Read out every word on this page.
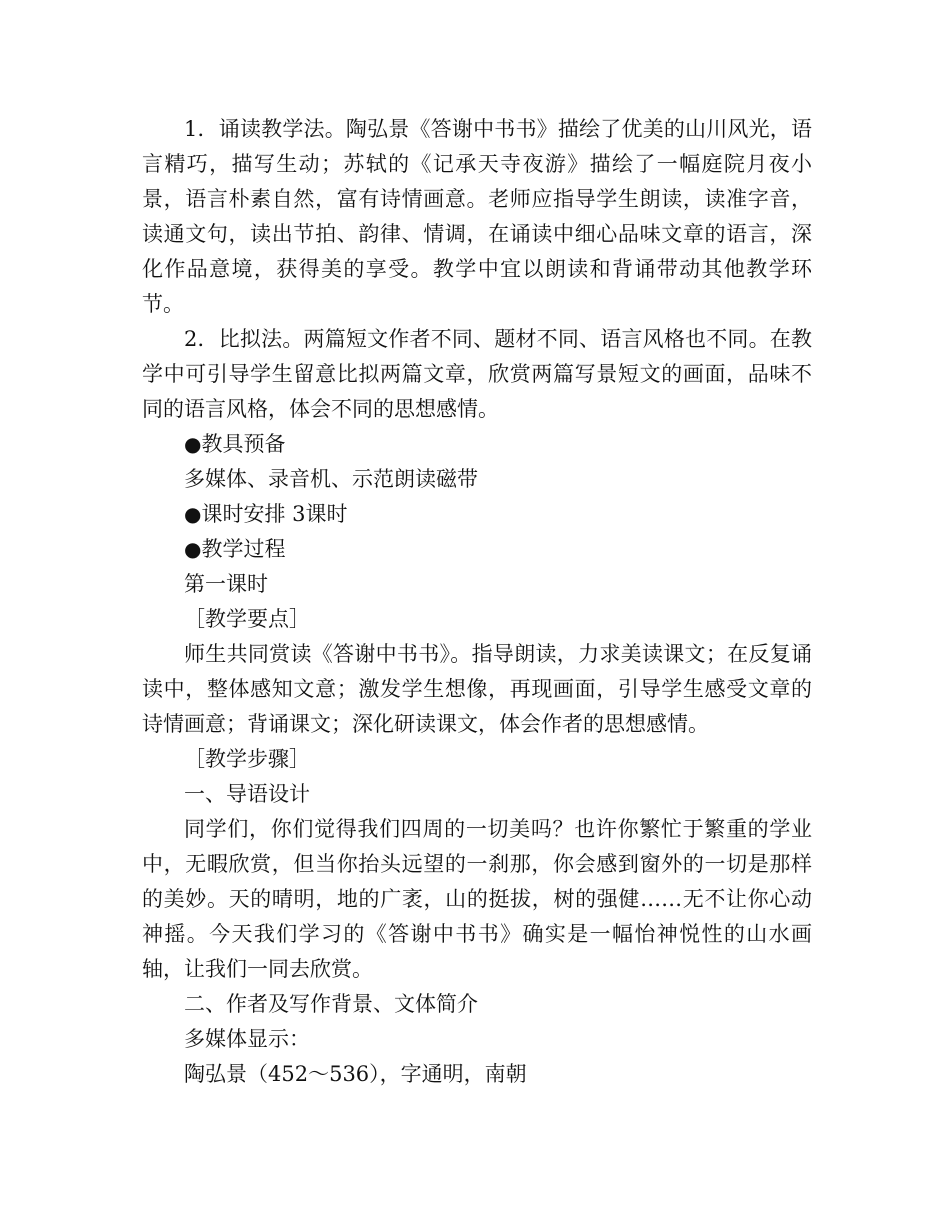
1．诵读教学法。陶弘景《答谢中书书》描绘了优美的山川风光，语言精巧，描写生动；苏轼的《记承天寺夜游》描绘了一幅庭院月夜小景，语言朴素自然，富有诗情画意。老师应指导学生朗读，读准字音，读通文句，读出节拍、韵律、情调，在诵读中细心品味文章的语言，深化作品意境，获得美的享受。教学中宜以朗读和背诵带动其他教学环节。

2．比拟法。两篇短文作者不同、题材不同、语言风格也不同。在教学中可引导学生留意比拟两篇文章，欣赏两篇写景短文的画面，品味不同的语言风格，体会不同的思想感情。

●教具预备

多媒体、录音机、示范朗读磁带

●课时安排 3课时

●教学过程

第一课时

［教学要点］

师生共同赏读《答谢中书书》。指导朗读，力求美读课文；在反复诵读中，整体感知文意；激发学生想像，再现画面，引导学生感受文章的诗情画意；背诵课文；深化研读课文，体会作者的思想感情。

［教学步骤］

一、导语设计

同学们，你们觉得我们四周的一切美吗？也许你繁忙于繁重的学业中，无暇欣赏，但当你抬头远望的一刹那，你会感到窗外的一切是那样的美妙。天的晴明，地的广袤，山的挺拔，树的强健……无不让你心动神摇。今天我们学习的《答谢中书书》确实是一幅怡神悦性的山水画轴，让我们一同去欣赏。

二、作者及写作背景、文体简介

多媒体显示：

陶弘景（452～536），字通明，南朝
